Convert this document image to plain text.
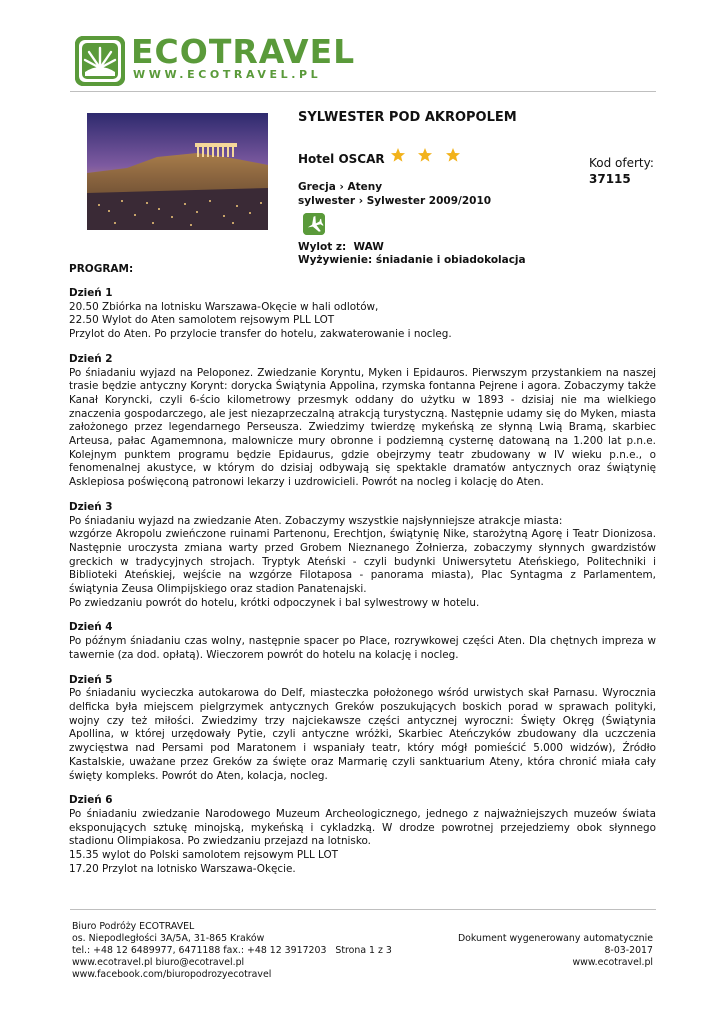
ECOTRAVEL
WWW.ECOTRAVEL.PL
SYLWESTER POD AKROPOLEM
Hotel OSCAR	Kod oferty:
37115
Grecja › Ateny
sylwester › Sylwester 2009/2010
Wylot z:  WAW
Wyżywienie: śniadanie i obiadokolacja
PROGRAM:
Dzień 1
20.50 Zbiórka na lotnisku Warszawa-Okęcie w hali odlotów,
22.50 Wylot do Aten samolotem rejsowym PLL LOT
Przylot do Aten. Po przylocie transfer do hotelu, zakwaterowanie i nocleg.
Dzień 2
Po śniadaniu wyjazd na Peloponez. Zwiedzanie Koryntu, Myken i Epidauros. Pierwszym przystankiem na naszej trasie będzie antyczny Korynt: dorycka Świątynia Appolina, rzymska fontanna Pejrene i agora. Zobaczymy także Kanał Koryncki, czyli 6-ścio kilometrowy przesmyk oddany do użytku w 1893 - dzisiaj nie ma wielkiego znaczenia gospodarczego, ale jest niezaprzeczalną atrakcją turystyczną. Następnie udamy się do Myken, miasta założonego przez legendarnego Perseusza. Zwiedzimy twierdzę mykeńską ze słynną Lwią Bramą, skarbiec Arteusa, pałac Agamemnona, malownicze mury obronne i podziemną cysternę datowaną na 1.200 lat p.n.e. Kolejnym punktem programu będzie Epidaurus, gdzie obejrzymy teatr zbudowany w IV wieku p.n.e., o fenomenalnej akustyce, w którym do dzisiaj odbywają się spektakle dramatów antycznych oraz świątynię Asklepiosa poświęconą patronowi lekarzy i uzdrowicieli. Powrót na nocleg i kolację do Aten.
Dzień 3
Po śniadaniu wyjazd na zwiedzanie Aten. Zobaczymy wszystkie najsłynniejsze atrakcje miasta:
wzgórze Akropolu zwieńczone ruinami Partenonu, Erechtjon, świątynię Nike, starożytną Agorę i Teatr Dionizosa. Następnie uroczysta zmiana warty przed Grobem Nieznanego Żołnierza, zobaczymy słynnych gwardzistów greckich w tradycyjnych strojach. Tryptyk Ateński - czyli budynki Uniwersytetu Ateńskiego, Politechniki i Biblioteki Ateńskiej, wejście na wzgórze Filotaposa - panorama miasta), Plac Syntagma z Parlamentem, świątynia Zeusa Olimpijskiego oraz stadion Panatenajski.
Po zwiedzaniu powrót do hotelu, krótki odpoczynek i bal sylwestrowy w hotelu.
Dzień 4
Po późnym śniadaniu czas wolny, następnie spacer po Place, rozrywkowej części Aten. Dla chętnych impreza w tawernie (za dod. opłatą). Wieczorem powrót do hotelu na kolację i nocleg.
Dzień 5
Po śniadaniu wycieczka autokarowa do Delf, miasteczka położonego wśród urwistych skał Parnasu. Wyrocznia delficka była miejscem pielgrzymek antycznych Greków poszukujących boskich porad w sprawach polityki, wojny czy też miłości. Zwiedzimy trzy najciekawsze części antycznej wyroczni: Święty Okręg (Świątynia Apollina, w której urzędowały Pytie, czyli antyczne wróżki, Skarbiec Ateńczyków zbudowany dla uczczenia zwycięstwa nad Persami pod Maratonem i wspaniały teatr, który mógł pomieścić 5.000 widzów), Źródło Kastalskie, uważane przez Greków za święte oraz Marmarię czyli sanktuarium Ateny, która chronić miała cały święty kompleks. Powrót do Aten, kolacja, nocleg.
Dzień 6
Po śniadaniu zwiedzanie Narodowego Muzeum Archeologicznego, jednego z najważniejszych muzeów świata eksponujących sztukę minojską, mykeńską i cykladzką. W drodze powrotnej przejedziemy obok słynnego stadionu Olimpiakosa. Po zwiedzaniu przejazd na lotnisko.
15.35 wylot do Polski samolotem rejsowym PLL LOT
17.20 Przylot na lotnisko Warszawa-Okęcie.
Biuro Podróży ECOTRAVEL
os. Niepodległości 3A/5A, 31-865 Kraków
tel.: +48 12 6489977, 6471188 fax.: +48 12 3917203   Strona 1 z 3
www.ecotravel.pl biuro@ecotravel.pl
www.facebook.com/biuropodrozyecotravel
Dokument wygenerowany automatycznie
8-03-2017
www.ecotravel.pl
